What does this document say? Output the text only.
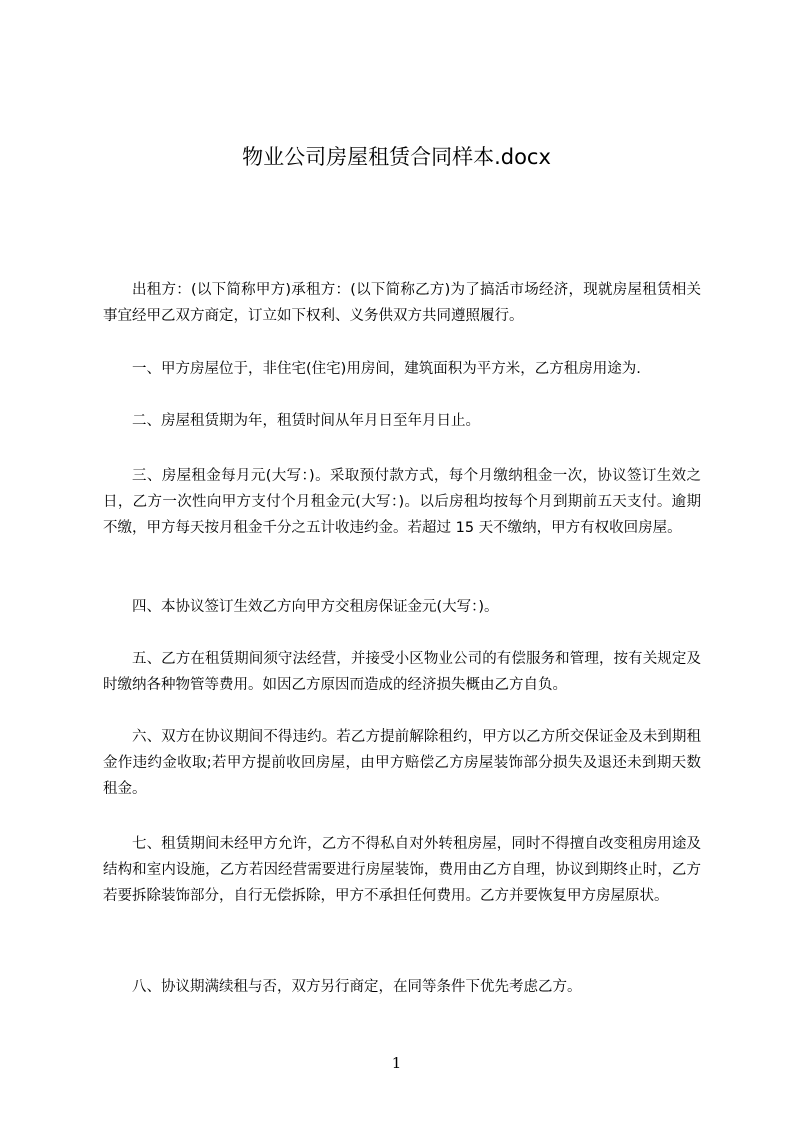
物业公司房屋租赁合同样本.docx

出租方：(以下简称甲方)承租方：(以下简称乙方)为了搞活市场经济，现就房屋租赁相关事宜经甲乙双方商定，订立如下权利、义务供双方共同遵照履行。

一、甲方房屋位于，非住宅(住宅)用房间，建筑面积为平方米，乙方租房用途为.

二、房屋租赁期为年，租赁时间从年月日至年月日止。

三、房屋租金每月元(大写：)。采取预付款方式，每个月缴纳租金一次，协议签订生效之日，乙方一次性向甲方支付个月租金元(大写：)。以后房租均按每个月到期前五天支付。逾期不缴，甲方每天按月租金千分之五计收违约金。若超过 15 天不缴纳，甲方有权收回房屋。

四、本协议签订生效乙方向甲方交租房保证金元(大写：)。

五、乙方在租赁期间须守法经营，并接受小区物业公司的有偿服务和管理，按有关规定及时缴纳各种物管等费用。如因乙方原因而造成的经济损失概由乙方自负。

六、双方在协议期间不得违约。若乙方提前解除租约，甲方以乙方所交保证金及未到期租金作违约金收取;若甲方提前收回房屋，由甲方赔偿乙方房屋装饰部分损失及退还未到期天数租金。

七、租赁期间未经甲方允许，乙方不得私自对外转租房屋，同时不得擅自改变租房用途及结构和室内设施，乙方若因经营需要进行房屋装饰，费用由乙方自理，协议到期终止时，乙方若要拆除装饰部分，自行无偿拆除，甲方不承担任何费用。乙方并要恢复甲方房屋原状。

八、协议期满续租与否，双方另行商定，在同等条件下优先考虑乙方。

1
